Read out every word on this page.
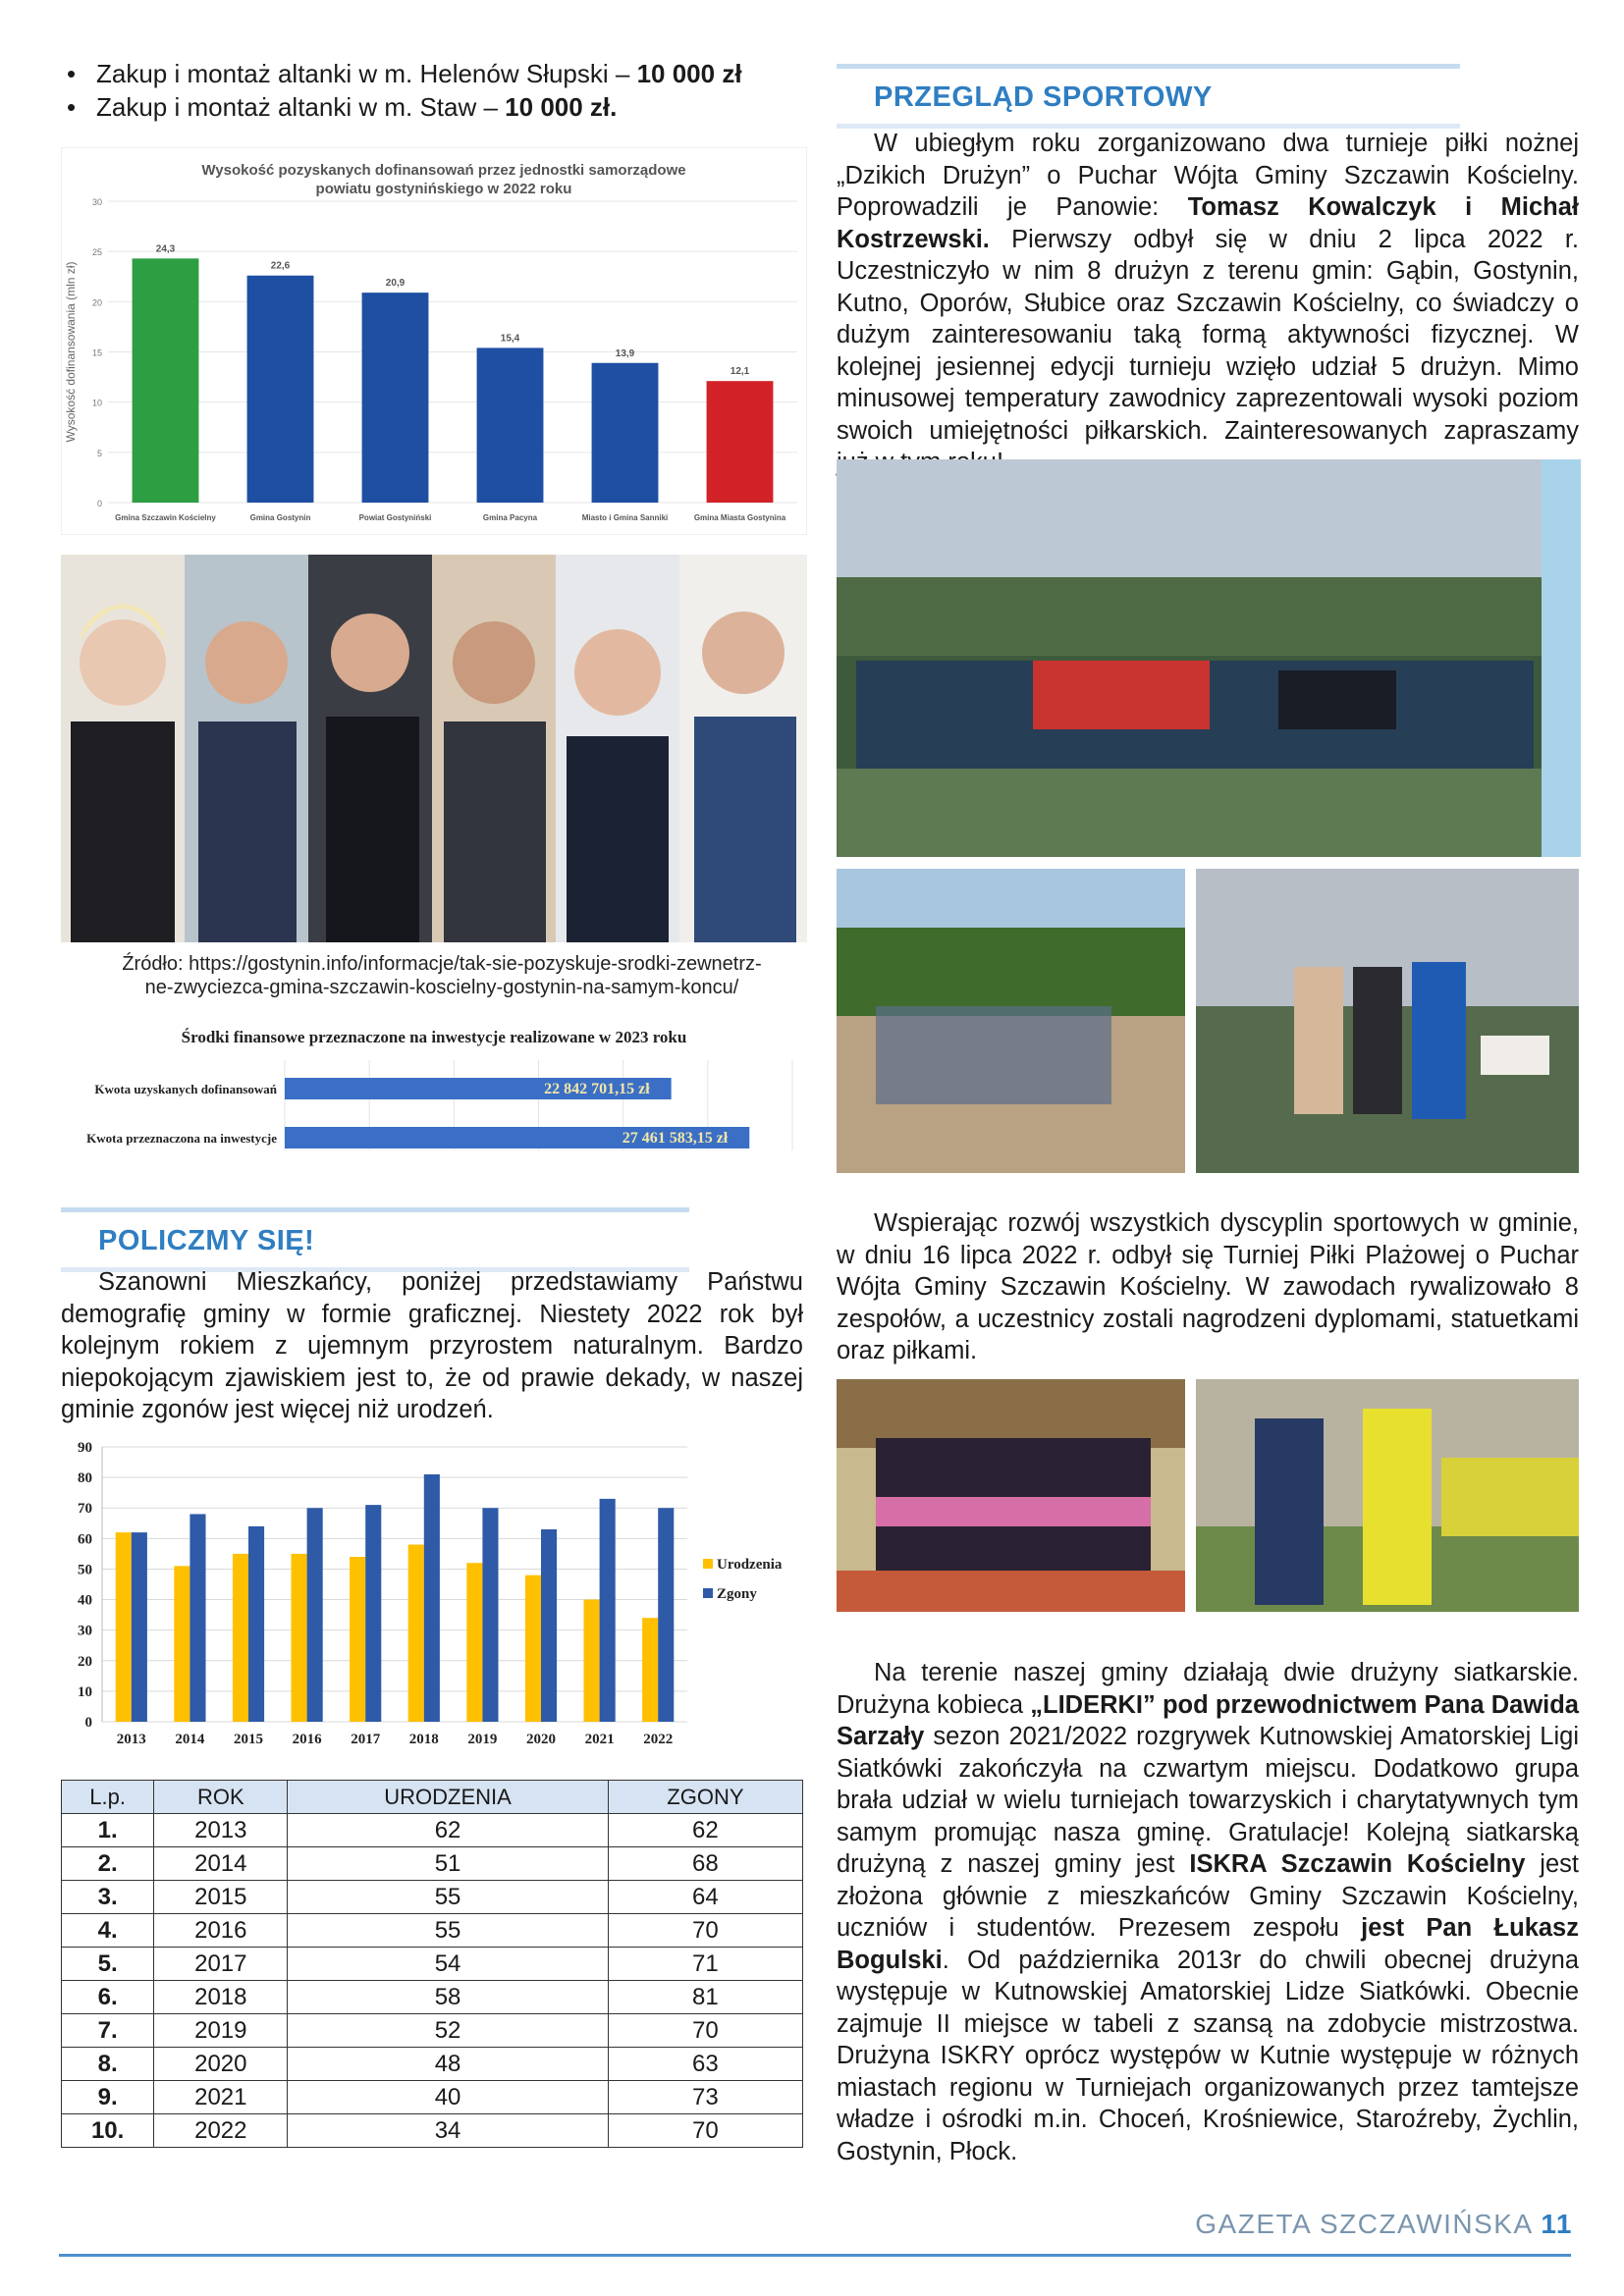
• Zakup i montaż altanki w m. Helenów Słupski – 10 000 zł
• Zakup i montaż altanki w m. Staw – 10 000 zł.
Wysokość pozyskanych dofinansowań przez jednostki samorządowe
powiatu gostynińskiego w 2022 roku
0
5
10
15
20
25
30
Wysokość dofinansowania (mln zł)
24,3
Gmina Szczawin Kościelny
22,6
Gmina Gostynin
20,9
Powiat Gostyniński
15,4
Gmina Pacyna
13,9
Miasto i Gmina Sanniki
12,1
Gmina Miasta Gostynina
Źródło: https://gostynin.info/informacje/tak-sie-pozyskuje-srodki-zewnetrz-
ne-zwyciezca-gmina-szczawin-koscielny-gostynin-na-samym-koncu/
Środki finansowe przeznaczone na inwestycje realizowane w 2023 roku
22 842 701,15 zł
Kwota uzyskanych dofinansowań
27 461 583,15 zł
Kwota przeznaczona na inwestycje
POLICZMY SIĘ!

Szanowni Mieszkańcy, poniżej przedstawiamy Państwu demografię gminy w formie graficznej. Niestety 2022 rok był kolejnym rokiem z ujemnym przyrostem naturalnym. Bardzo niepokojącym zjawiskiem jest to, że od prawie dekady, w naszej gminie zgonów jest więcej niż urodzeń.

0
10
20
30
40
50
60
70
80
90
2013 2014 2015 2016 2017 2018 2019 2020 2021 2022
Urodzenia
Zgony
L.p.	ROK	URODZENIA	ZGONY
1.	2013	62	62
2.	2014	51	68
3.	2015	55	64
4.	2016	55	70
5.	2017	54	71
6.	2018	58	81
7.	2019	52	70
8.	2020	48	63
9.	2021	40	73
10.	2022	34	70
PRZEGLĄD SPORTOWY

W ubiegłym roku zorganizowano dwa turnieje piłki nożnej „Dzikich Drużyn” o Puchar Wójta Gminy Szczawin Kościelny. Poprowadzili je Panowie: Tomasz Kowalczyk i Michał Kostrzewski. Pierwszy odbył się w dniu 2 lipca 2022 r. Uczestniczyło w nim 8 drużyn z terenu gmin: Gąbin, Gostynin, Kutno, Oporów, Słubice oraz Szczawin Kościelny, co świadczy o dużym zainteresowaniu taką formą aktywności fizycznej. W kolejnej jesiennej edycji turnieju wzięło udział 5 drużyn. Mimo minusowej temperatury zawodnicy zaprezentowali wysoki poziom swoich umiejętności piłkarskich. Zainteresowanych zapraszamy

Wspierając rozwój wszystkich dyscyplin sportowych w gminie, w dniu 16 lipca 2022 r. odbył się Turniej Piłki Plażowej o Puchar Wójta Gminy Szczawin Kościelny. W zawodach rywalizowało 8 zespołów, a uczestnicy zostali nagrodzeni dyplomami, statuetkami oraz piłkami.

Na terenie naszej gminy działają dwie drużyny siatkarskie. Drużyna kobieca „LIDERKI” pod przewodnictwem Pana Dawida Sarzały sezon 2021/2022 rozgrywek Kutnowskiej Amatorskiej Ligi Siatkówki zakończyła na czwartym miejscu. Dodatkowo grupa brała udział w wielu turniejach towarzyskich i charytatywnych tym samym promując nasza gminę. Gratulacje! Kolejną siatkarską drużyną z naszej gminy jest ISKRA Szczawin Kościelny jest złożona głównie z mieszkańców Gminy Szczawin Kościelny, uczniów i studentów. Prezesem zespołu jest Pan Łukasz Bogulski. Od października 2013r do chwili obecnej drużyna występuje w Kutnowskiej Amatorskiej Lidze Siatkówki. Obecnie zajmuje II miejsce w tabeli z szansą na zdobycie mistrzostwa. Drużyna ISKRY oprócz występów w Kutnie występuje w różnych miastach regionu w Turniejach organizowanych przez tamtejsze władze i ośrodki m.in. Choceń, Krośniewice, Staroźreby, Żychlin, Gostynin, Płock.

GAZETA SZCZAWIŃSKA 11
